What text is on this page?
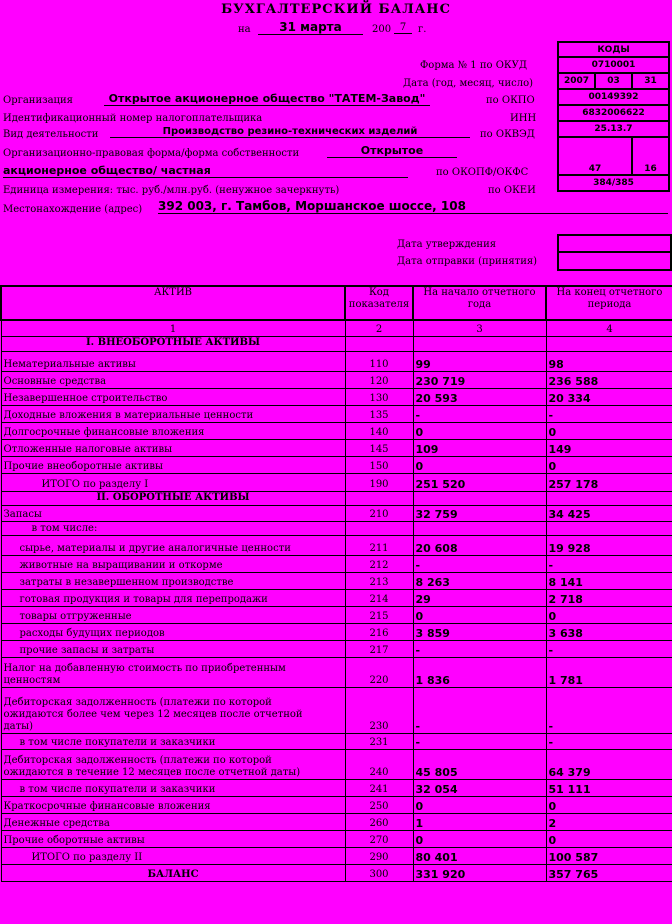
БУХГАЛТЕРСКИЙ БАЛАНС
на	31 марта	200 7	г.
КОДЫ		
0710001		
2007	03	31
00149392		
6832006622		
25.13.7		
47		16
384/385		
Форма № 1 по ОКУД
Дата (год, месяц, число)
Организация	Открытое акционерное общество "ТАТЕМ-Завод"	по ОКПО
Идентификационный номер налогоплательщика	ИНН
Вид деятельности	Производство резино-технических изделий	по ОКВЭД
Организационно-правовая форма/форма собственности	Открытое
акционерное общество/ частная	по ОКОПФ/ОКФС
Единица измерения: тыс. руб./млн.руб. (ненужное зачеркнуть)	по ОКЕИ
Местонахождение (адрес) 392 003, г. Тамбов, Моршанское шоссе, 108
Дата утверждения
Дата отправки (принятия)
АКТИВ	Код показателя	На начало отчетного года	На конец отчетного периода
1	2	3	4
I. ВНЕОБОРОТНЫЕ АКТИВЫ			
Нематериальные активы	110	99	98
Основные средства	120	230 719	236 588
Незавершенное строительство	130	20 593	20 334
Доходные вложения в материальные ценности	135	-	-
Долгосрочные финансовые вложения	140	0	0
Отложенные налоговые активы	145	109	149
Прочие внеоборотные активы	150	0	0
ИТОГО по разделу I	190	251 520	257 178
II. ОБОРОТНЫЕ АКТИВЫ			
Запасы	210	32 759	34 425
в том числе:			
сырье, материалы и другие аналогичные ценности	211	20 608	19 928
животные на выращивании и откорме	212	-	-
затраты в незавершенном производстве	213	8 263	8 141
готовая продукция и товары для перепродажи	214	29	2 718
товары отгруженные	215	0	0
расходы будущих периодов	216	3 859	3 638
прочие запасы и затраты	217	-	-
Налог на добавленную стоимость по приобретенным
ценностям	220	1 836	1 781
Дебиторская задолженность (платежи по которой
ожидаются более чем через 12 месяцев после отчетной
даты)	230	-	-
в том числе покупатели и заказчики	231	-	-
Дебиторская задолженность (платежи по которой
ожидаются в течение 12 месяцев после отчетной даты)	240	45 805	64 379
в том числе покупатели и заказчики	241	32 054	51 111
Краткосрочные финансовые вложения	250	0	0
Денежные средства	260	1	2
Прочие оборотные активы	270	0	0
ИТОГО по разделу II	290	80 401	100 587
БАЛАНС	300	331 920	357 765
